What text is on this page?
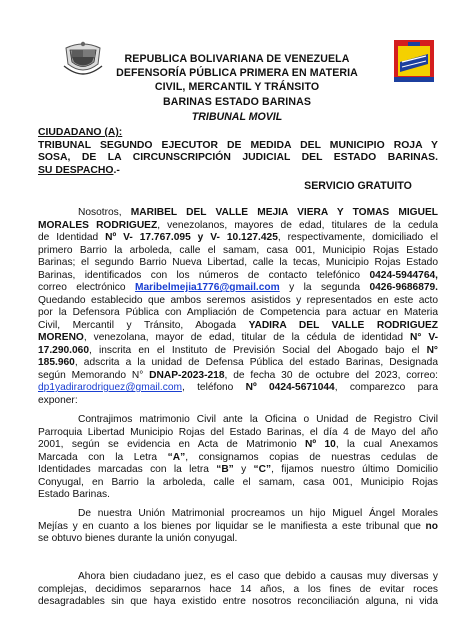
REPUBLICA BOLIVARIANA DE VENEZUELA
DEFENSORÍA PÚBLICA PRIMERA EN MATERIA
CIVIL, MERCANTIL Y TRÁNSITO
BARINAS ESTADO BARINAS
TRIBUNAL MOVIL
CIUDADANO (A):
TRIBUNAL SEGUNDO EJECUTOR DE MEDIDA DEL MUNICIPIO ROJA Y
SOSA, DE LA CIRCUNSCRIPCIÓN JUDICIAL DEL ESTADO BARINAS.
SU DESPACHO.-
SERVICIO GRATUITO
Nosotros, MARIBEL DEL VALLE MEJIA VIERA Y TOMAS MIGUEL
MORALES RODRIGUEZ, venezolanos, mayores de edad, titulares de la cedula
de Identidad Nº V- 17.767.095 y V- 10.127.425, respectivamente, domiciliado el
primero Barrio la arboleda, calle el samam, casa 001, Municipio Rojas Estado
Barinas; el segundo Barrio Nueva Libertad, calle la tecas, Municipio Rojas Estado
Barinas, identificados con los números de contacto telefónico 0424-5944764,
correo electrónico Maribelmejia1776@gmail.com y la segunda 0426-9686879.
Quedando establecido que ambos seremos asistidos y representados en este acto
por la Defensora Pública con Ampliación de Competencia para actuar en Materia
Civil, Mercantil y Tránsito, Abogada YADIRA DEL VALLE RODRIGUEZ
MORENO, venezolana, mayor de edad, titular de la cédula de identidad N° V-
17.290.060, inscrita en el Instituto de Previsión Social del Abogado bajo el N°
185.960, adscrita a la unidad de Defensa Pública del estado Barinas, Designada
según Memorando N° DNAP-2023-218, de fecha 30 de octubre del 2023, correo:
dp1yadirarodriguez@gmail.com, teléfono Nº 0424-5671044, comparezco para
exponer:
Contrajimos matrimonio Civil ante la Oficina o Unidad de Registro Civil
Parroquia Libertad Municipio Rojas del Estado Barinas, el día 4 de Mayo del año
2001, según se evidencia en Acta de Matrimonio Nº 10, la cual Anexamos
Marcada con la Letra “A”, consignamos copias de nuestras cedulas de
Identidades marcadas con la letra “B” y “C”, fijamos nuestro último Domicilio
Conyugal, en Barrio la arboleda, calle el samam, casa 001, Municipio Rojas
Estado Barinas.
De nuestra Unión Matrimonial procreamos un hijo Miguel Ángel Morales
Mejías y en cuanto a los bienes por liquidar se le manifiesta a este tribunal que no
se obtuvo bienes durante la unión conyugal.
Ahora bien ciudadano juez, es el caso que debido a causas muy diversas y
complejas, decidimos separarnos hace 14 años, a los fines de evitar roces
desagradables sin que haya existido entre nosotros reconciliación alguna, ni vida
